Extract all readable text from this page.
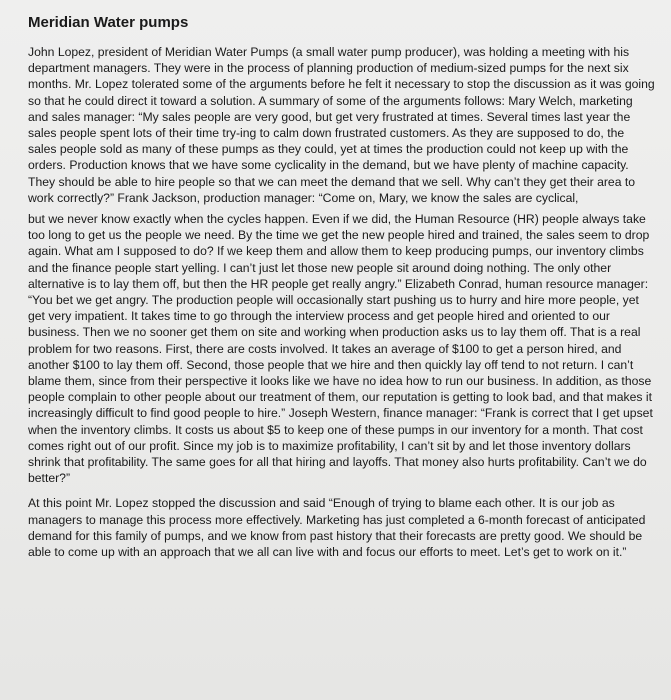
Meridian Water pumps

John Lopez, president of Meridian Water Pumps (a small water pump producer), was holding a meeting with his department managers. They were in the process of planning production of medium-sized pumps for the next six months. Mr. Lopez tolerated some of the arguments before he felt it necessary to stop the discussion as it was going so that he could direct it toward a solution. A summary of some of the arguments follows: Mary Welch, marketing and sales manager: “My sales people are very good, but get very frustrated at times. Several times last year the sales people spent lots of their time try-ing to calm down frustrated customers. As they are supposed to do, the sales people sold as many of these pumps as they could, yet at times the production could not keep up with the orders. Production knows that we have some cyclicality in the demand, but we have plenty of machine capacity. They should be able to hire people so that we can meet the demand that we sell. Why can’t they get their area to work correctly?” Frank Jackson, production manager: “Come on, Mary, we know the sales are cyclical,

but we never know exactly when the cycles happen. Even if we did, the Human Resource (HR) people always take too long to get us the people we need. By the time we get the new people hired and trained, the sales seem to drop again. What am I supposed to do? If we keep them and allow them to keep producing pumps, our inventory climbs and the finance people start yelling. I can’t just let those new people sit around doing nothing. The only other alternative is to lay them off, but then the HR people get really angry.” Elizabeth Conrad, human resource manager: “You bet we get angry. The production people will occasionally start pushing us to hurry and hire more people, yet get very impatient. It takes time to go through the interview process and get people hired and oriented to our business. Then we no sooner get them on site and working when production asks us to lay them off. That is a real problem for two reasons. First, there are costs involved. It takes an average of $100 to get a person hired, and another $100 to lay them off. Second, those people that we hire and then quickly lay off tend to not return. I can’t blame them, since from their perspective it looks like we have no idea how to run our business. In addition, as those people complain to other people about our treatment of them, our reputation is getting to look bad, and that makes it increasingly difficult to find good people to hire.” Joseph Western, finance manager: “Frank is correct that I get upset when the inventory climbs. It costs us about $5 to keep one of these pumps in our inventory for a month. That cost comes right out of our profit. Since my job is to maximize profitability, I can’t sit by and let those inventory dollars shrink that profitability. The same goes for all that hiring and layoffs. That money also hurts profitability. Can’t we do better?”

At this point Mr. Lopez stopped the discussion and said “Enough of trying to blame each other. It is our job as managers to manage this process more effectively. Marketing has just completed a 6-month forecast of anticipated demand for this family of pumps, and we know from past history that their forecasts are pretty good. We should be able to come up with an approach that we all can live with and focus our efforts to meet. Let’s get to work on it.”
